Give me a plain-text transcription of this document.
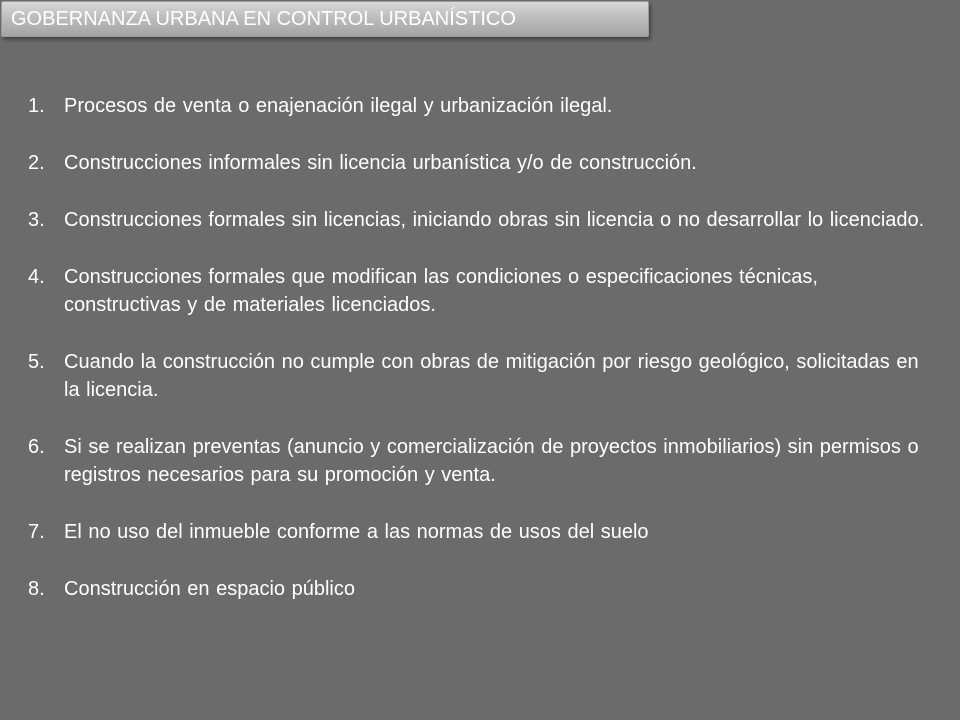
GOBERNANZA URBANA EN CONTROL URBANÍSTICO
1. Procesos de venta o enajenación ilegal y urbanización ilegal.
2. Construcciones informales sin licencia urbanística y/o de construcción.
3. Construcciones formales sin licencias, iniciando obras sin licencia o no desarrollar lo licenciado.
4. Construcciones formales que modifican las condiciones o especificaciones técnicas, constructivas y de materiales licenciados.
5. Cuando la construcción no cumple con obras de mitigación por riesgo geológico, solicitadas en la licencia.
6. Si se realizan preventas (anuncio y comercialización de proyectos inmobiliarios) sin permisos o registros necesarios para su promoción y venta.
7. El no uso del inmueble conforme a las normas de usos del suelo
8. Construcción en espacio público
